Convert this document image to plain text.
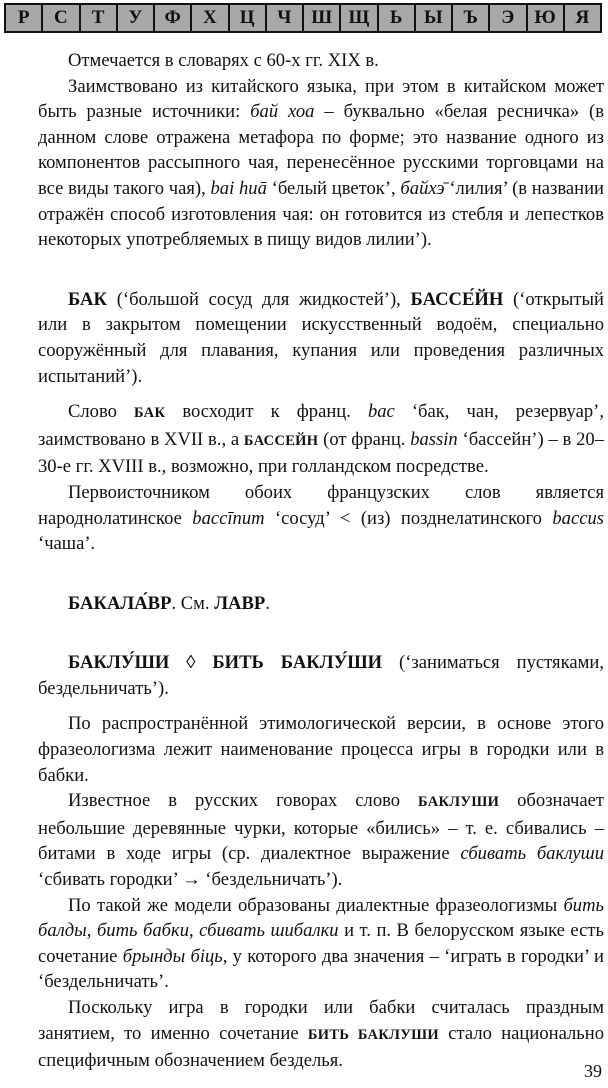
Р	С	Т	У	Ф	Х	Ц	Ч	Ш Щ	Ь	Ы	Ъ	Э	Ю	Я

Отмечается в словарях с 60-х гг. XIX в.

Заимствовано из китайского языка, при этом в китайском может быть разные источники: бай хоа – буквально «белая ресничка» (в данном слове отражена метафора по форме; это название одного из компонентов рассыпного чая, перенесённое русскими торговцами на все виды такого чая), bai huā ‘белый цветок’, байхэ̄ ‘лилия’ (в названии отражён способ изготовления чая: он готовится из стебля и лепестков некоторых употребляемых в пищу видов лилии’).

БАК (‘большой сосуд для жидкостей’), БАССЕ́ЙН (‘открытый или в закрытом помещении искусственный водоём, специально сооружённый для плавания, купания или проведения различных испытаний’).

Слово БАК восходит к франц. bac ‘бак, чан, резервуар’, заимствовано в XVII в., а БАССЕЙН (от франц. bassin ‘бассейн’) – в 20–30-е гг. XVIII в., возможно, при голландском посредстве.

Первоисточником обоих французских слов является народнолатинское baccīnum ‘сосуд’ < (из) позднелатинского baccus ‘чаша’.

БАКАЛА́ВР. См. ЛАВР.

БАКЛУ́ШИ ◊ БИТЬ БАКЛУ́ШИ (‘заниматься пустяками, бездельничать’).

По распространённой этимологической версии, в основе этого фразеологизма лежит наименование процесса игры в городки или в бабки.

Известное в русских говорах слово БАКЛУШИ обозначает небольшие деревянные чурки, которые «бились» – т. е. сбивались – битами в ходе игры (ср. диалектное выражение сбивать баклуши ‘сбивать городки’ → ‘бездельничать’).

По такой же модели образованы диалектные фразеологизмы бить балды, бить бабки, сбивать шибалки и т. п. В белорусском языке есть сочетание брынды біць, у которого два значения – ‘играть в городки’ и ‘бездельничать’.

Поскольку игра в городки или бабки считалась праздным занятием, то именно сочетание БИТЬ БАКЛУШИ стало национально специфичным обозначением безделья.	39
